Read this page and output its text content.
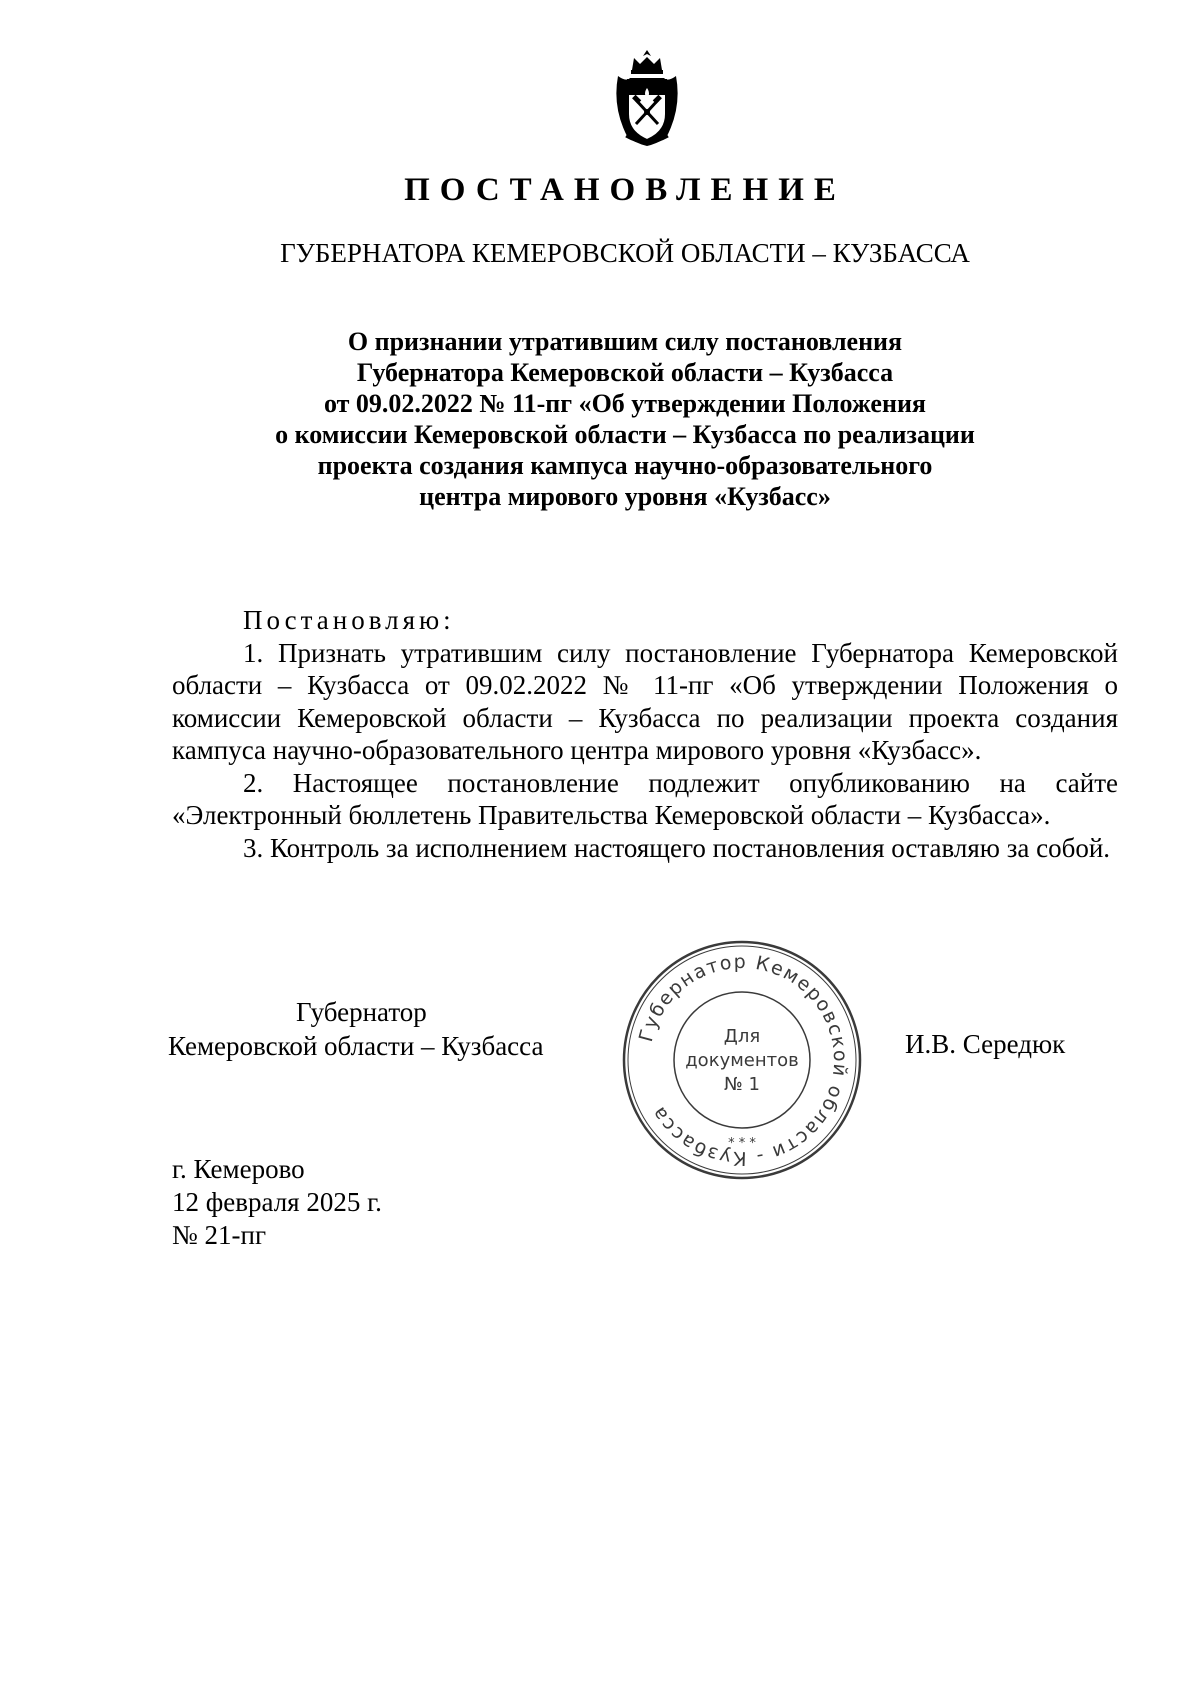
ПОСТАНОВЛЕНИЕ
ГУБЕРНАТОРА КЕМЕРОВСКОЙ ОБЛАСТИ – КУЗБАССА
О признании утратившим силу постановления
Губернатора Кемеровской области – Кузбасса
от 09.02.2022 № 11-пг «Об утверждении Положения
о комиссии Кемеровской области – Кузбасса по реализации
проекта создания кампуса научно-образовательного
центра мирового уровня «Кузбасс»
Постановляю:

1. Признать утратившим силу постановление Губернатора Кемеровской области – Кузбасса от 09.02.2022 № 11-пг «Об утверждении Положения о комиссии Кемеровской области – Кузбасса по реализации проекта создания кампуса научно-образовательного центра мирового уровня «Кузбасс».

2. Настоящее постановление подлежит опубликованию на сайте «Электронный бюллетень Правительства Кемеровской области – Кузбасса».

3. Контроль за исполнением настоящего постановления оставляю за собой.

Губернатор
Кемеровской области – Кузбасса	Губернатор Кемеровской области - Кузбасса
Для
документов
№ 1
* * *
И.В. Середюк
г. Кемерово
12 февраля 2025 г.
№ 21-пг
